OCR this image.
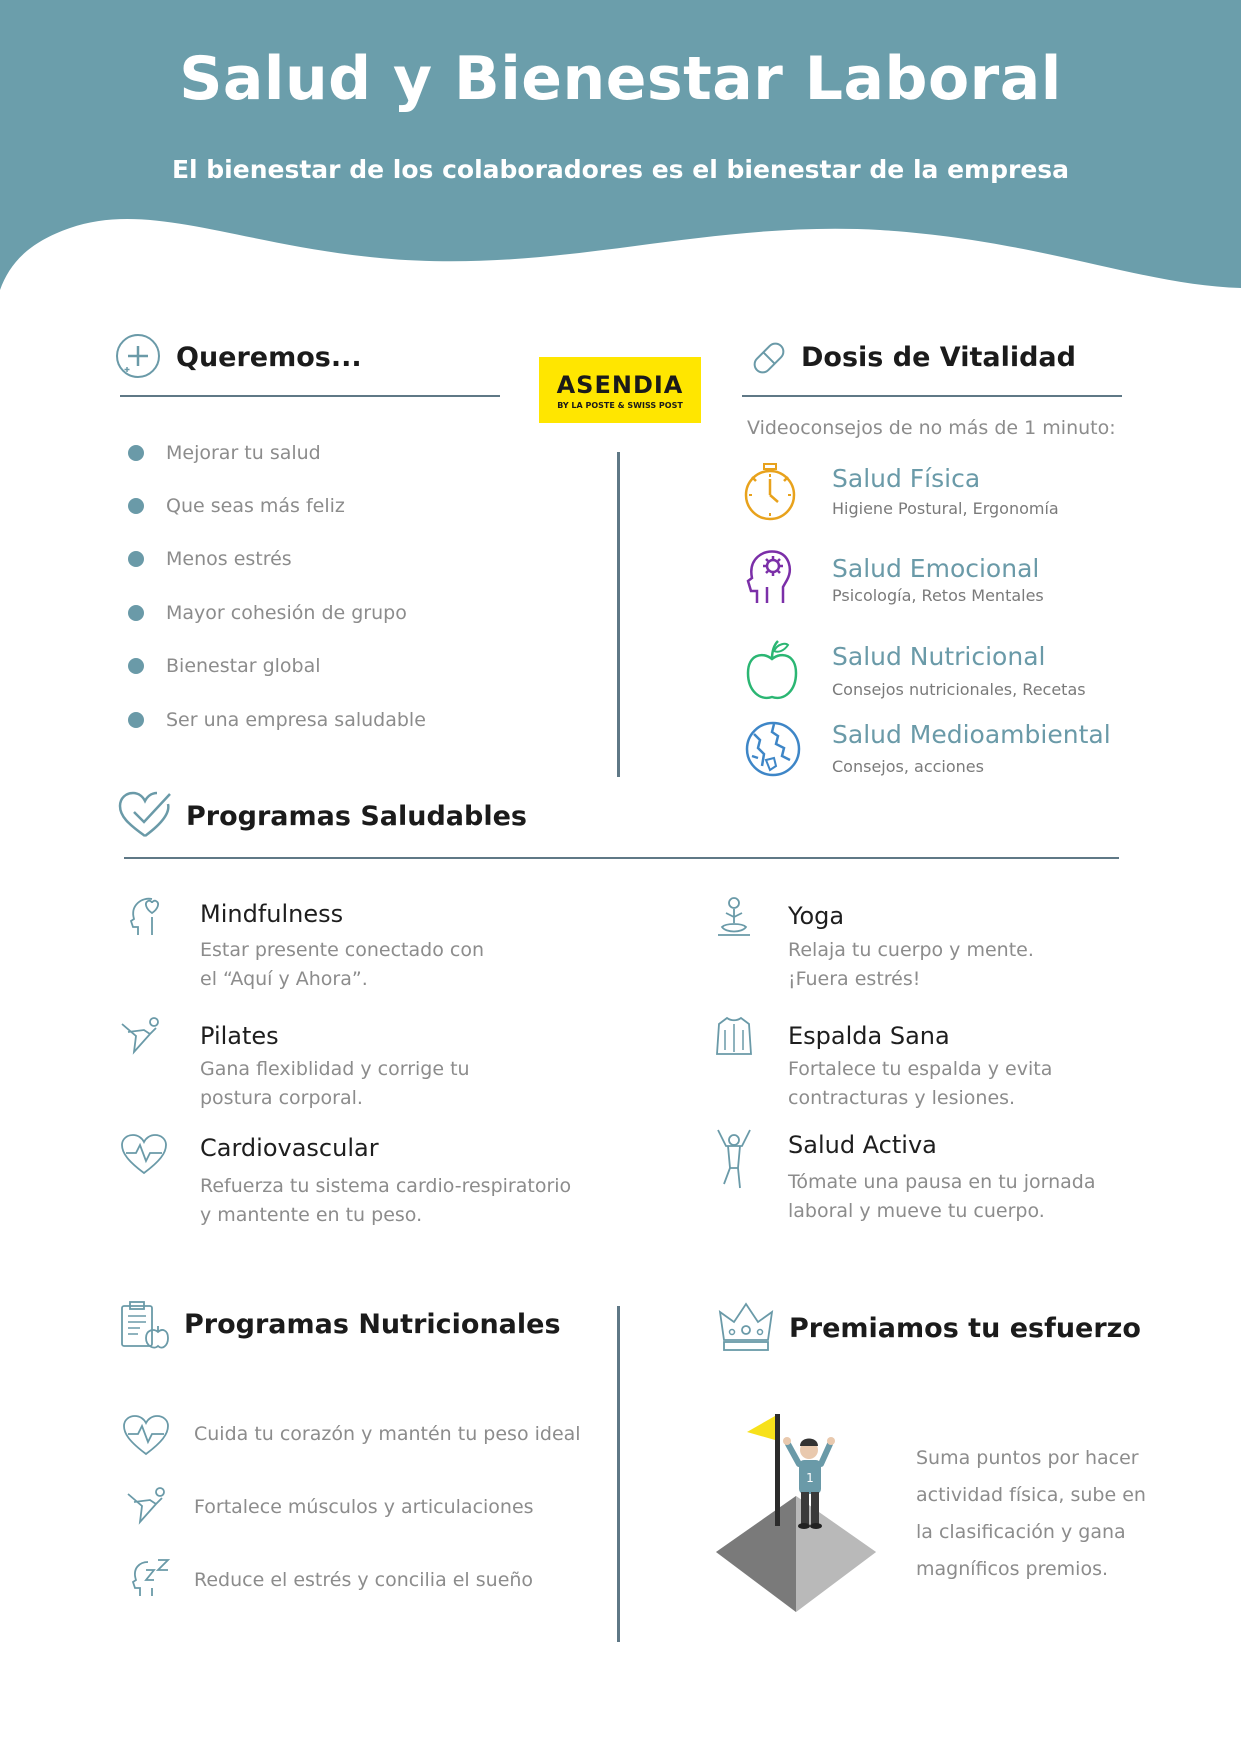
Salud y Bienestar Laboral
El bienestar de los colaboradores es el bienestar de la empresa
Queremos...
Mejorar tu salud
Que seas más feliz
Menos estrés
Mayor cohesión de grupo
Bienestar global
Ser una empresa saludable
ASENDIA
BY LA POSTE & SWISS POST
Dosis de Vitalidad
Videoconsejos de no más de 1 minuto:
Salud Física
Higiene Postural, Ergonomía
Salud Emocional
Psicología, Retos Mentales
Salud Nutricional
Consejos nutricionales, Recetas
Salud Medioambiental
Consejos, acciones
Programas Saludables
Mindfulness
Estar presente conectado con
el “Aquí y Ahora”.
Yoga
Relaja tu cuerpo y mente.
¡Fuera estrés!
Pilates
Gana flexiblidad y corrige tu
postura corporal.
Espalda Sana
Fortalece tu espalda y evita
contracturas y lesiones.
Cardiovascular
Refuerza tu sistema cardio-respiratorio
y mantente en tu peso.
Salud Activa
Tómate una pausa en tu jornada
laboral y mueve tu cuerpo.
Programas Nutricionales
Cuida tu corazón y mantén tu peso ideal
Fortalece músculos y articulaciones
Reduce el estrés y concilia el sueño
Premiamos tu esfuerzo
1
Suma puntos por hacer
actividad física, sube en
la clasificación y gana
magníficos premios.
